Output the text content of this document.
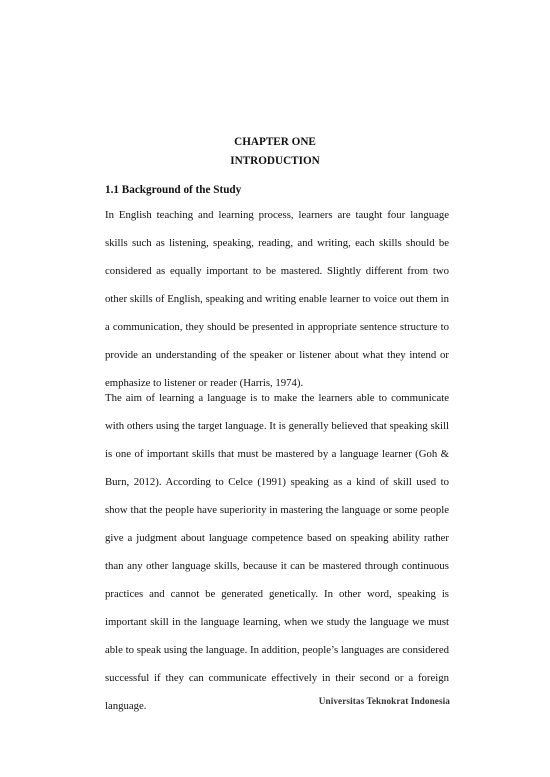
CHAPTER ONE
INTRODUCTION
1.1 Background of the Study

In English teaching and learning process, learners are taught four language skills such as listening, speaking, reading, and writing, each skills should be considered as equally important to be mastered. Slightly different from two other skills of English, speaking and writing enable learner to voice out them in a communication, they should be presented in appropriate sentence structure to provide an understanding of the speaker or listener about what they intend or emphasize to listener or reader (Harris, 1974).

The aim of learning a language is to make the learners able to communicate with others using the target language. It is generally believed that speaking skill is one of important skills that must be mastered by a language learner (Goh & Burn, 2012). According to Celce (1991) speaking as a kind of skill used to show that the people have superiority in mastering the language or some people give a judgment about language competence based on speaking ability rather than any other language skills, because it can be mastered through continuous practices and cannot be generated genetically. In other word, speaking is important skill in the language learning, when we study the language we must able to speak using the language. In addition, people’s languages are considered successful if they can communicate effectively in their second or a foreign language.	Universitas Teknokrat Indonesia
